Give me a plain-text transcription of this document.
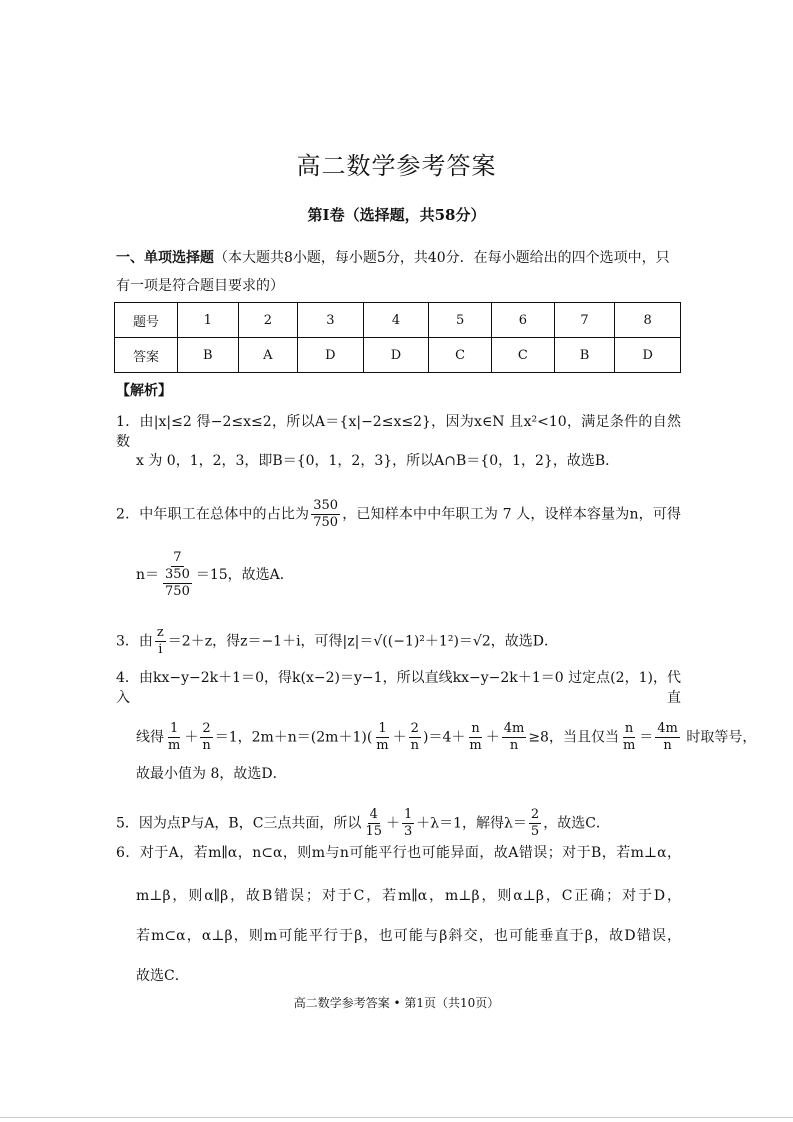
高二数学参考答案
第Ⅰ卷（选择题，共58分）
一、单项选择题（本大题共8小题，每小题5分，共40分．在每小题给出的四个选项中，只
有一项是符合题目要求的）
题号	1	2	3	4	5	6	7	8
答案	B	A	D	D	C	C	B	D
【解析】
1．由|x|≤2 得−2≤x≤2，所以A＝{x|−2≤x≤2}，因为x∈N 且x²<10，满足条件的自然数
x 为 0，1，2，3，即B＝{0，1，2，3}，所以A∩B＝{0，1，2}，故选B．
2．中年职工在总体中的占比为 $\frac{350}{750}$ ，已知样本中中年职工为 7 人，设样本容量为n，可得
$n= \frac{7}{\frac{350}{750}} =15$，故选A．
3．由 $\frac{z}{i} =2+z$，得z＝−1＋i，可得|z|＝√((−1)²＋1²)＝√2，故选D．
4．由kx−y−2k＋1＝0，得k(x−2)＝y−1，所以直线kx−y−2k＋1＝0 过定点(2，1)，代入直
线得 $\frac{1}{m} + \frac{2}{n} =1$，$2m+n=(2m+1)( \frac{1}{m} + \frac{2}{n} )=4+ \frac{n}{m} + \frac{4m}{n} \ge 8$，当且仅当 $\frac{n}{m} = \frac{4m}{n}$ 时取等号，
故最小值为 8，故选D．
5．因为点P与A，B，C三点共面，所以 $\frac{4}{15} + \frac{1}{3} +\lambda=1$，解得$\lambda= \frac{2}{5}$ ，故选C．
6．对于A，若m∥α，n⊂α，则m与n可能平行也可能异面，故A错误；对于B，若m⊥α，
m⊥β，则α∥β，故B错误；对于C，若m∥α，m⊥β，则α⊥β，C正确；对于D，
若m⊂α，α⊥β，则m可能平行于β，也可能与β斜交，也可能垂直于β，故D错误，
故选C．
高二数学参考答案 • 第1页（共10页）
